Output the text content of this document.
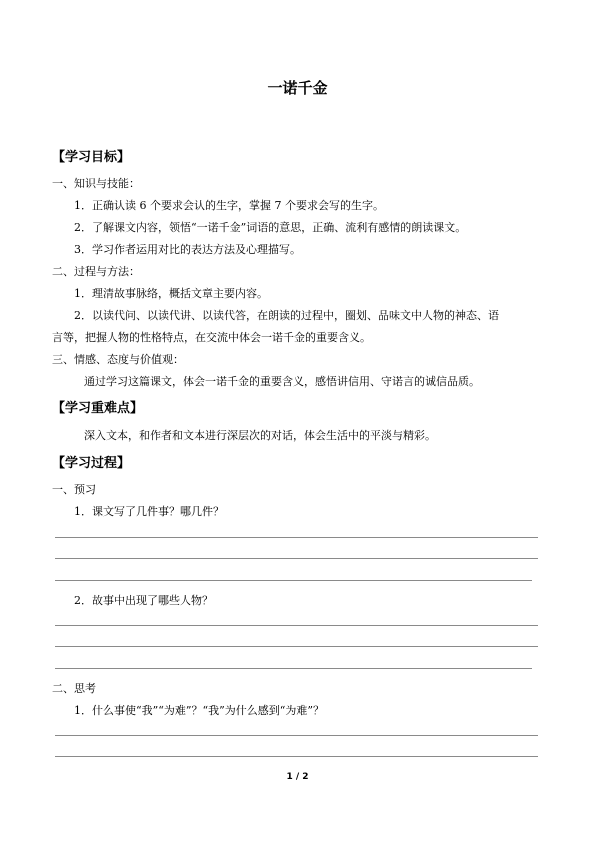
一诺千金
【学习目标】
一、知识与技能：
1．正确认读 6 个要求会认的生字，掌握 7 个要求会写的生字。
2．了解课文内容，领悟“一诺千金”词语的意思，正确、流利有感情的朗读课文。
3．学习作者运用对比的表达方法及心理描写。
二、过程与方法：
1．理清故事脉络，概括文章主要内容。
2．以读代问、以读代讲、以读代答，在朗读的过程中，圈划、品味文中人物的神态、语
言等，把握人物的性格特点，在交流中体会一诺千金的重要含义。
三、情感、态度与价值观：
通过学习这篇课文，体会一诺千金的重要含义，感悟讲信用、守诺言的诚信品质。
【学习重难点】
深入文本，和作者和文本进行深层次的对话，体会生活中的平淡与精彩。
【学习过程】
一、预习
1．课文写了几件事？哪几件？
2．故事中出现了哪些人物？
二、思考
1．什么事使“我”“为难”？“我”为什么感到“为难”？
1 / 2
